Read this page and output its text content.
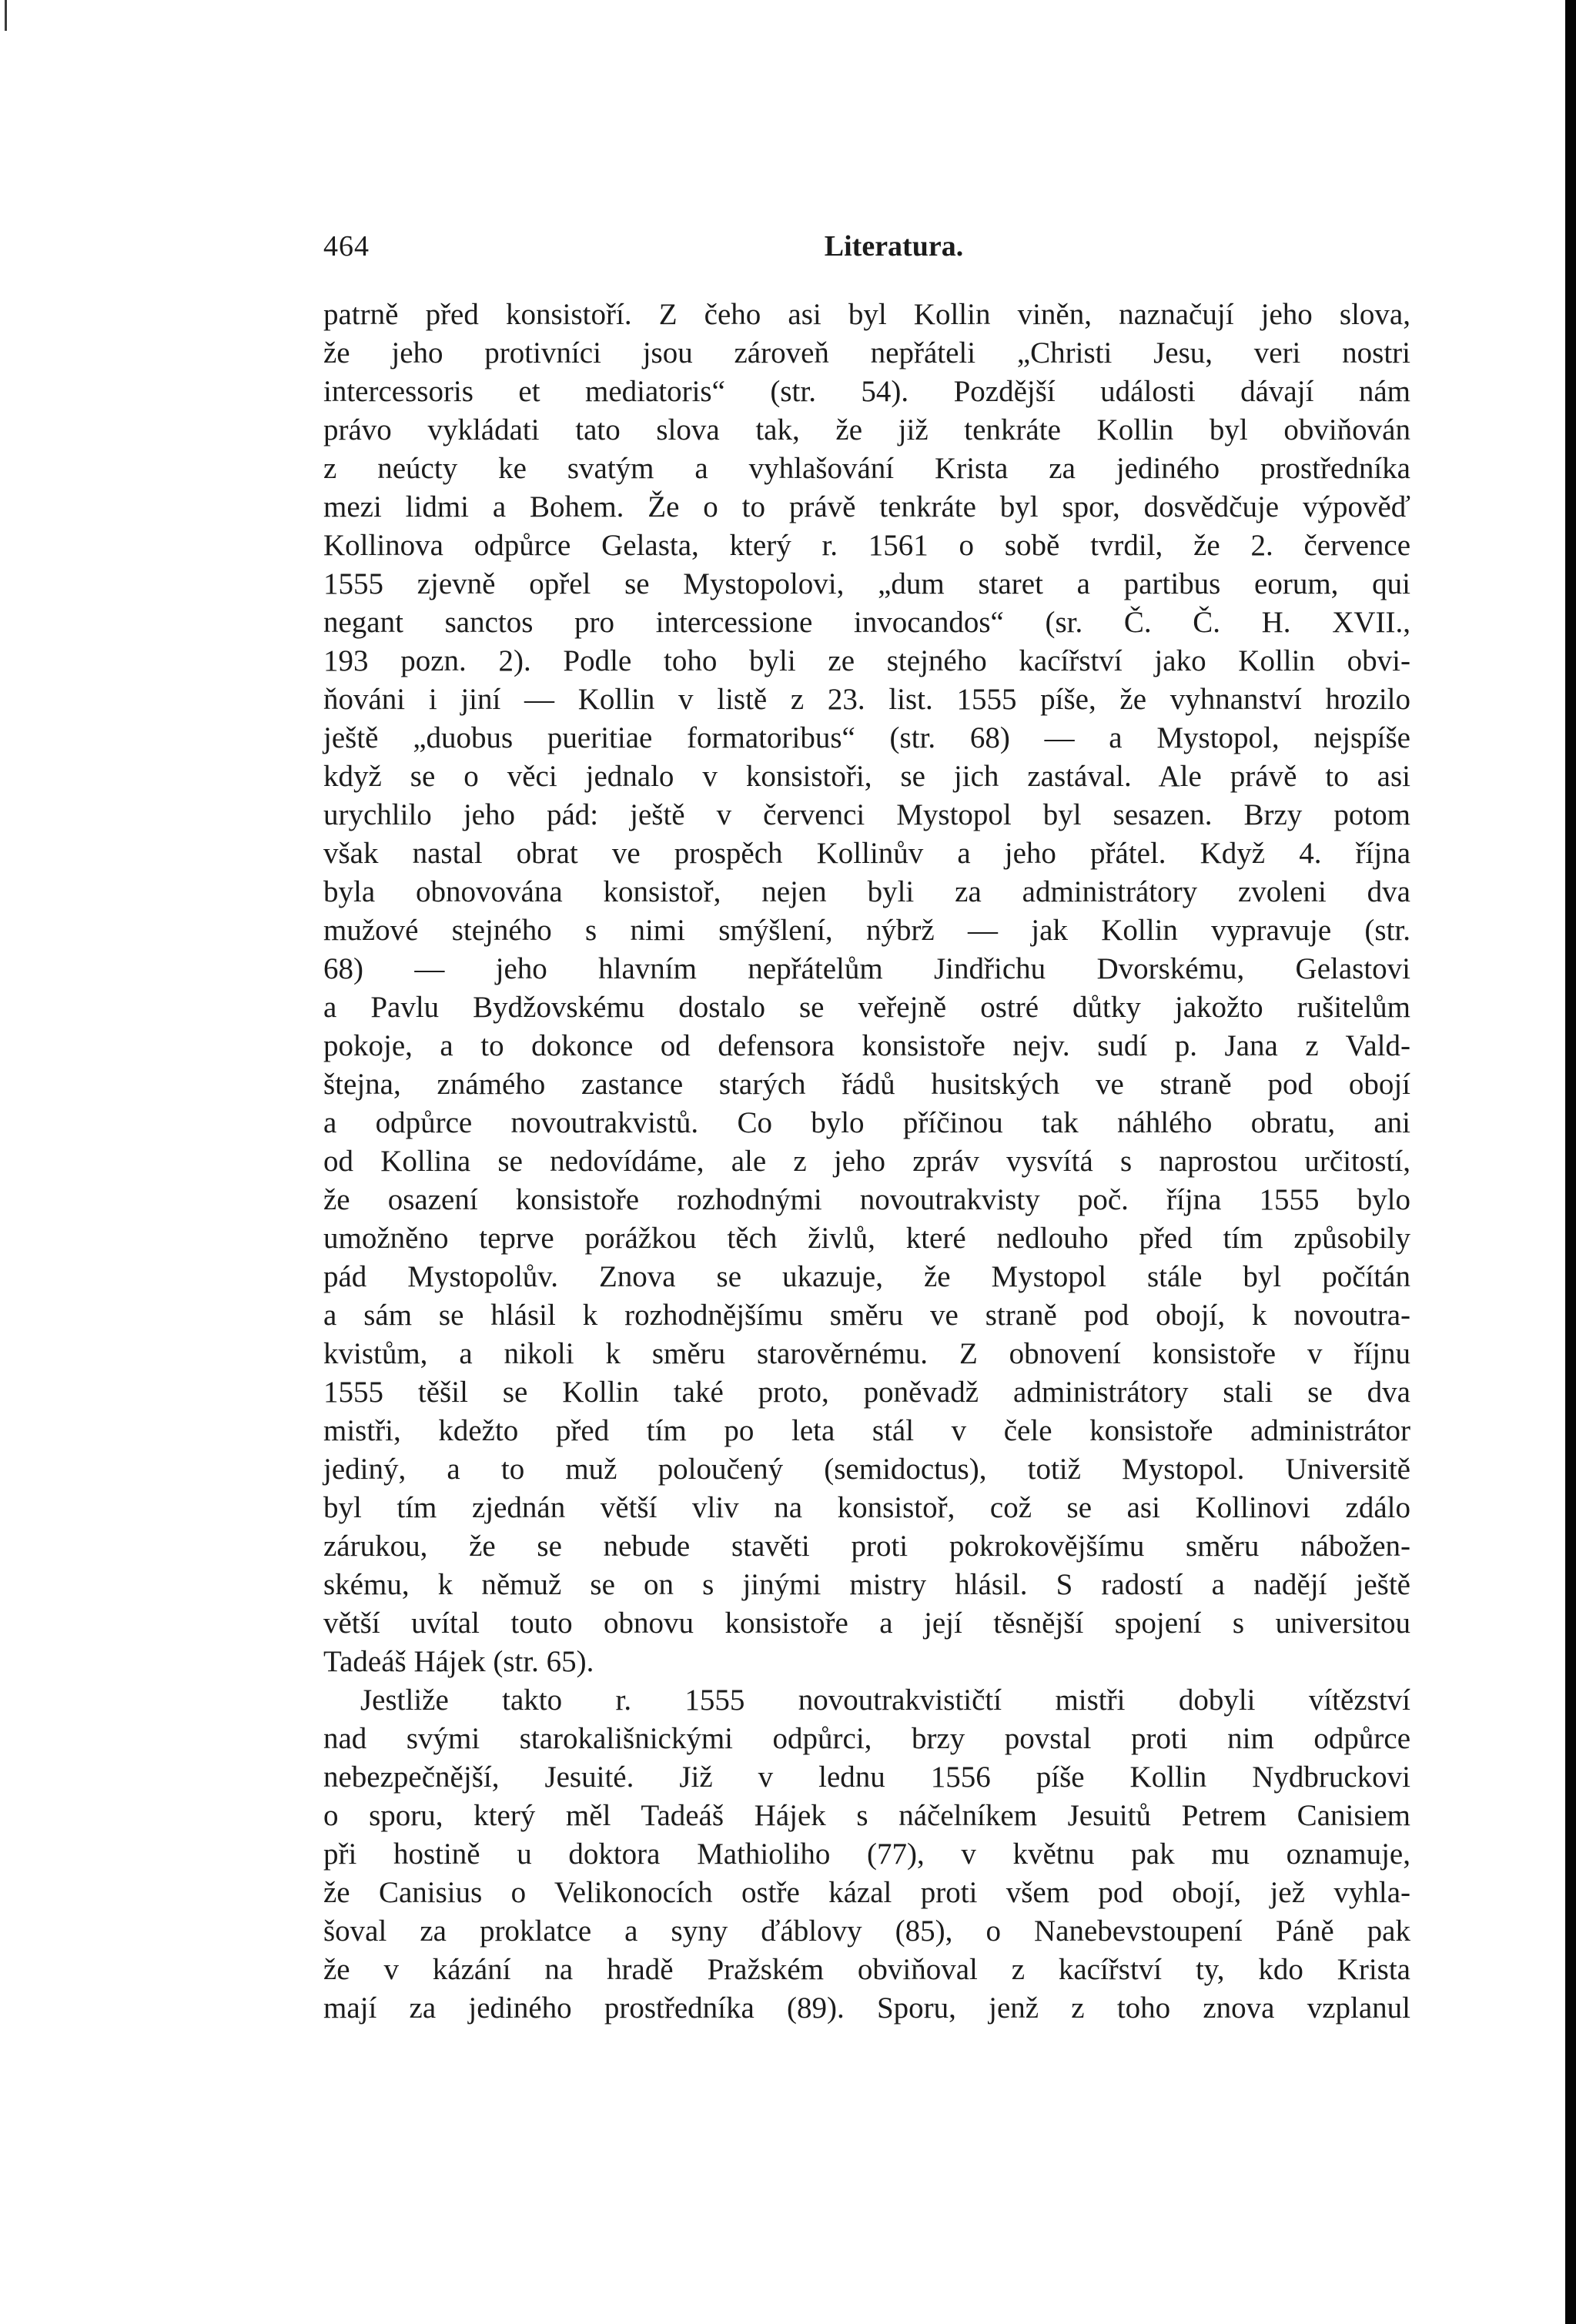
464	Literatura.
patrně před konsistoří. Z čeho asi byl Kollin viněn, naznačují jeho slova,
že jeho protivníci jsou zároveň nepřáteli „Christi Jesu, veri nostri
intercessoris et mediatoris“ (str. 54). Pozdější události dávají nám
právo vykládati tato slova tak, že již tenkráte Kollin byl obviňován
z neúcty ke svatým a vyhlašování Krista za jediného prostředníka
mezi lidmi a Bohem. Že o to právě tenkráte byl spor, dosvědčuje výpověď
Kollinova odpůrce Gelasta, který r. 1561 o sobě tvrdil, že 2. července
1555 zjevně opřel se Mystopolovi, „dum staret a partibus eorum, qui
negant sanctos pro intercessione invocandos“ (sr. Č. Č. H. XVII.,
193 pozn. 2). Podle toho byli ze stejného kacířství jako Kollin obvi-
ňováni i jiní — Kollin v listě z 23. list. 1555 píše, že vyhnanství hrozilo
ještě „duobus pueritiae formatoribus“ (str. 68) — a Mystopol, nejspíše
když se o věci jednalo v konsistoři, se jich zastával. Ale právě to asi
urychlilo jeho pád: ještě v červenci Mystopol byl sesazen. Brzy potom
však nastal obrat ve prospěch Kollinův a jeho přátel. Když 4. října
byla obnovována konsistoř, nejen byli za administrátory zvoleni dva
mužové stejného s nimi smýšlení, nýbrž — jak Kollin vypravuje (str.
68) — jeho hlavním nepřátelům Jindřichu Dvorskému, Gelastovi
a Pavlu Bydžovskému dostalo se veřejně ostré důtky jakožto rušitelům
pokoje, a to dokonce od defensora konsistoře nejv. sudí p. Jana z Vald-
štejna, známého zastance starých řádů husitských ve straně pod obojí
a odpůrce novoutrakvistů. Co bylo příčinou tak náhlého obratu, ani
od Kollina se nedovídáme, ale z jeho zpráv vysvítá s naprostou určitostí,
že osazení konsistoře rozhodnými novoutrakvisty poč. října 1555 bylo
umožněno teprve porážkou těch živlů, které nedlouho před tím způsobily
pád Mystopolův. Znova se ukazuje, že Mystopol stále byl počítán
a sám se hlásil k rozhodnějšímu směru ve straně pod obojí, k novoutra-
kvistům, a nikoli k směru starověrnému. Z obnovení konsistoře v říjnu
1555 těšil se Kollin také proto, poněvadž administrátory stali se dva
mistři, kdežto před tím po leta stál v čele konsistoře administrátor
jediný, a to muž poloučený (semidoctus), totiž Mystopol. Universitě
byl tím zjednán větší vliv na konsistoř, což se asi Kollinovi zdálo
zárukou, že se nebude stavěti proti pokrokovějšímu směru nábožen-
skému, k němuž se on s jinými mistry hlásil. S radostí a nadějí ještě
větší uvítal touto obnovu konsistoře a její těsnější spojení s universitou
Tadeáš Hájek (str. 65).
Jestliže takto r. 1555 novoutrakvističtí mistři dobyli vítězství
nad svými starokališnickými odpůrci, brzy povstal proti nim odpůrce
nebezpečnější, Jesuité. Již v lednu 1556 píše Kollin Nydbruckovi
o sporu, který měl Tadeáš Hájek s náčelníkem Jesuitů Petrem Canisiem
při hostině u doktora Mathioliho (77), v květnu pak mu oznamuje,
že Canisius o Velikonocích ostře kázal proti všem pod obojí, jež vyhla-
šoval za proklatce a syny ďáblovy (85), o Nanebevstoupení Páně pak
že v kázání na hradě Pražském obviňoval z kacířství ty, kdo Krista
mají za jediného prostředníka (89). Sporu, jenž z toho znova vzplanul
